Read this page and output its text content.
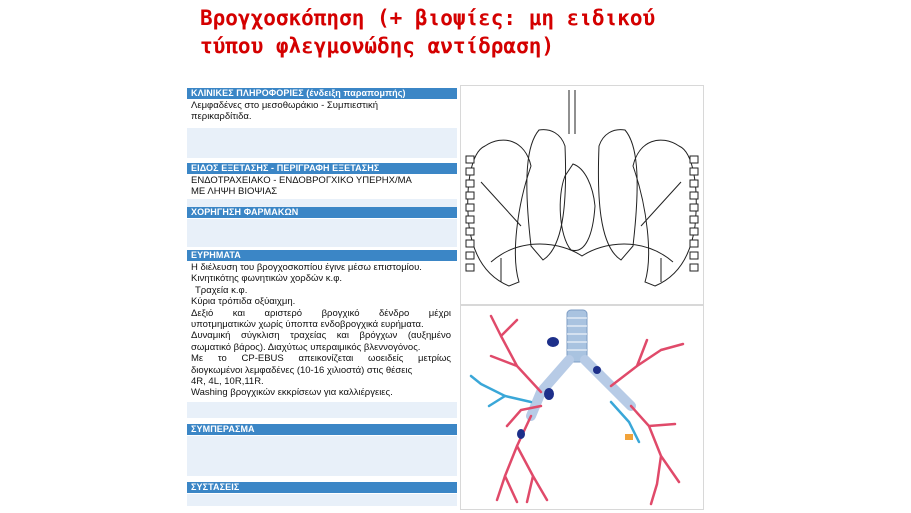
Βρογχοσκόπηση (+ βιοψίες: μη ειδικού
τύπου φλεγμονώδης αντίδραση)
ΚΛΙΝΙΚΕΣ ΠΛΗΡΟΦΟΡΙΕΣ (ένδειξη παραπομπής)
Λεμφαδένες στο μεσοθωράκιο - Συμπιεστική
περικαρδίτιδα.
ΕΙΔΟΣ ΕΞΕΤΑΣΗΣ - ΠΕΡΙΓΡΑΦΗ ΕΞΕΤΑΣΗΣ
ΕΝΔΟΤΡΑΧΕΙΑΚΟ - ΕΝΔΟΒΡΟΓΧΙΚΟ ΥΠΕΡΗΧ/ΜΑ
ΜΕ ΛΗΨΗ ΒΙΟΨΙΑΣ
ΧΟΡΗΓΗΣΗ ΦΑΡΜΑΚΩΝ
ΕΥΡΗΜΑΤΑ
Η διέλευση του βρογχοσκοπίου έγινε μέσω επιστομίου.
Κινητικότης φωνητικών χορδών κ.φ.
Τραχεία κ.φ.
Κύρια τρόπιδα οξύαιχμη.
Δεξιό και αριστερό βρογχικό δένδρο μέχρι
υποτμηματικών χωρίς ύποπτα ενδοβρογχικά ευρήματα.
Δυναμική σύγκλιση τραχείας και βρόγχων (αυξημένο
σωματικό βάρος). Διαχύτως υπεραιμικός βλεννογόνος.
Με το CP-EBUS απεικονίζεται ωοειδείς μετρίως
διογκωμένοι λεμφαδένες (10-16 χιλιοστά) στις θέσεις
4R, 4L, 10R,11R.
Washing βρογχικών εκκρίσεων για καλλιέργειες.
ΣΥΜΠΕΡΑΣΜΑ
ΣΥΣΤΑΣΕΙΣ
